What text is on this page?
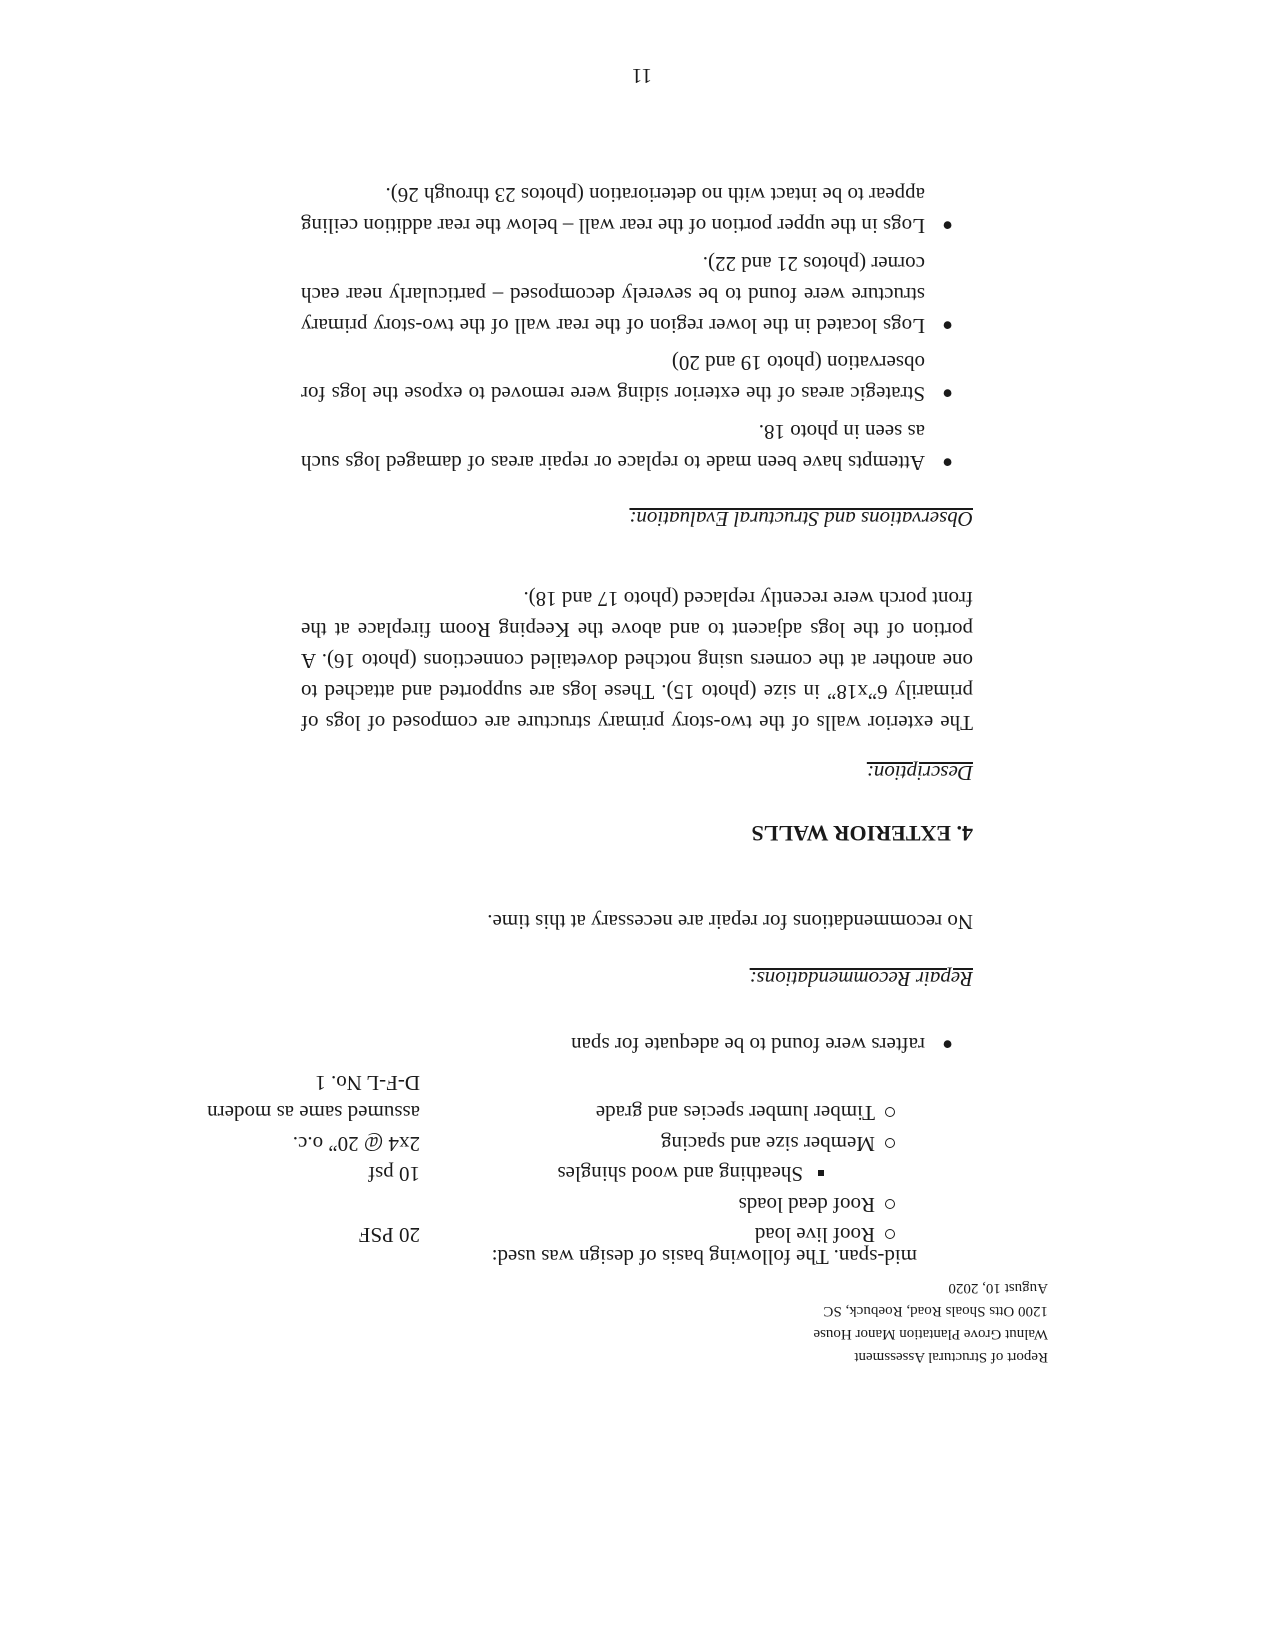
Report of Structural Assessment
Walnut Grove Plantation Manor House
1200 Otts Shoals Road, Roebuck, SC
August 10, 2020
mid-span. The following basis of design was used:
Roof live load
20 PSF
Roof dead loads
Sheathing and wood shingles
10 psf
Member size and spacing
2x4 @ 20” o.c.
Timber lumber species and grade
assumed same as modern
D-F-L No. 1
●
rafters were found to be adequate for span
Repair Recommendations:
No recommendations for repair are necessary at this time.
4. EXTERIOR WALLS
Description:
The exterior walls of the two-story primary structure are composed of logs of primarily 6”x18” in size (photo 15). These logs are supported and attached to one another at the corners using notched dovetailed connections (photo 16). A portion of the logs adjacent to and above the Keeping Room fireplace at the front porch were recently replaced (photo 17 and 18).
Observations and Structural Evaluation:
●
Attempts have been made to replace or repair areas of damaged logs such as seen in photo 18.
●
Strategic areas of the exterior siding were removed to expose the logs for observation (photo 19 and 20)
●
Logs located in the lower region of the rear wall of the two-story primary structure were found to be severely decomposed – particularly near each corner (photos 21 and 22).
●
Logs in the upper portion of the rear wall – below the rear addition ceiling appear to be intact with no deterioration (photos 23 through 26).
11
